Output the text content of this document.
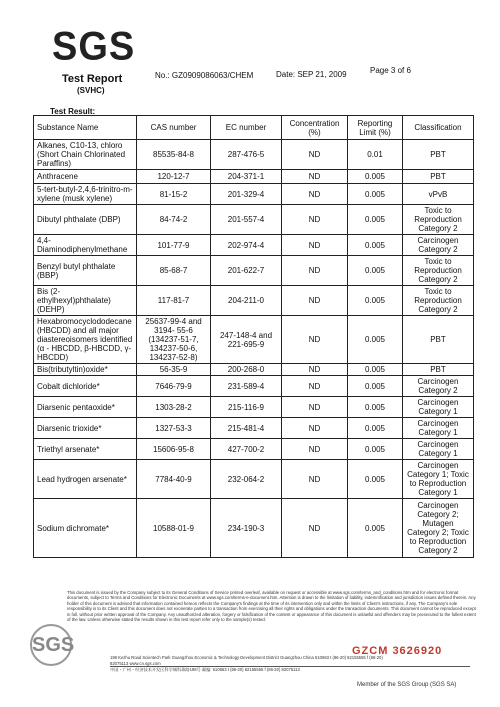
SGS
Test Report
(SVHC)
No.: GZ0909086063/CHEM	Date: SEP 21, 2009	Page 3 of 6
Test Result:
Substance Name	CAS number	EC number	Concentration (%)	Reporting Limit (%)	Classification
Alkanes, C10-13, chloro (Short Chain Chlorinated Paraffins)	85535-84-8	287-476-5	ND	0.01	PBT
Anthracene	120-12-7	204-371-1	ND	0.005	PBT
5-tert-butyl-2,4,6-trinitro-m-xylene (musk xylene)	81-15-2	201-329-4	ND	0.005	vPvB
Dibutyl phthalate (DBP)	84-74-2	201-557-4	ND	0.005	Toxic to Reproduction Category 2
4,4-Diaminodiphenylmethane	101-77-9	202-974-4	ND	0.005	Carcinogen Category 2
Benzyl butyl phthalate (BBP)	85-68-7	201-622-7	ND	0.005	Toxic to Reproduction Category 2
Bis (2-ethylhexyl)phthalate) (DEHP)	117-81-7	204-211-0	ND	0.005	Toxic to Reproduction Category 2
Hexabromocyclododecane (HBCDD) and all major diastereoisomers identified (α - HBCDD, β-HBCDD, γ-HBCDD)	25637-99-4 and 3194- 55-6 (134237-51-7, 134237-50-6, 134237-52-8)	247-148-4 and 221-695-9	ND	0.005	PBT
Bis(tributyltin)oxide*	56-35-9	200-268-0	ND	0.005	PBT
Cobalt dichloride*	7646-79-9	231-589-4	ND	0.005	Carcinogen Category 2
Diarsenic pentaoxide*	1303-28-2	215-116-9	ND	0.005	Carcinogen Category 1
Diarsenic trioxide*	1327-53-3	215-481-4	ND	0.005	Carcinogen Category 1
Triethyl arsenate*	15606-95-8	427-700-2	ND	0.005	Carcinogen Category 1
Lead hydrogen arsenate*	7784-40-9	232-064-2	ND	0.005	Carcinogen Category 1; Toxic to Reproduction Category 1
Sodium dichromate*	10588-01-9	234-190-3	ND	0.005	Carcinogen Category 2; Mutagen Category 2; Toxic to Reproduction Category 2
This document is issued by the Company subject to its General Conditions of Service printed overleaf, available on request or accessible at www.sgs.com/terms_and_conditions.htm and for electronic format documents, subject to Terms and Conditions for Electronic Documents at www.sgs.com/terms-e-document.htm. Attention is drawn to the limitation of liability, indemnification and jurisdiction issues defined therein. Any holder of this document is advised that information contained hereon reflects the Company's findings at the time of its intervention only and within the limits of Client's instructions, if any. The Company's sole responsibility is to its Client and this document does not exonerate parties to a transaction from exercising all their rights and obligations under the transaction documents. This document cannot be reproduced except in full, without prior written approval of the Company. Any unauthorized alteration, forgery or falsification of the content or appearance of this document is unlawful and offenders may be prosecuted to the fullest extent of the law. Unless otherwise stated the results shown in this test report refer only to the sample(s) tested.
SGS
198 Kezhu Road Scientech Park Guangzhou Economic & Technology Development District Guangzhou China 510663 t (86-20) 82155555 f (86-20) 82075113 www.cn.sgs.com
中国・广州・经济技术开发区科学城科珠路198号 邮编: 510663 t (86-20) 82155555 f (86-20) 82075113
GZCM 3626920
Member of the SGS Group (SGS SA)
